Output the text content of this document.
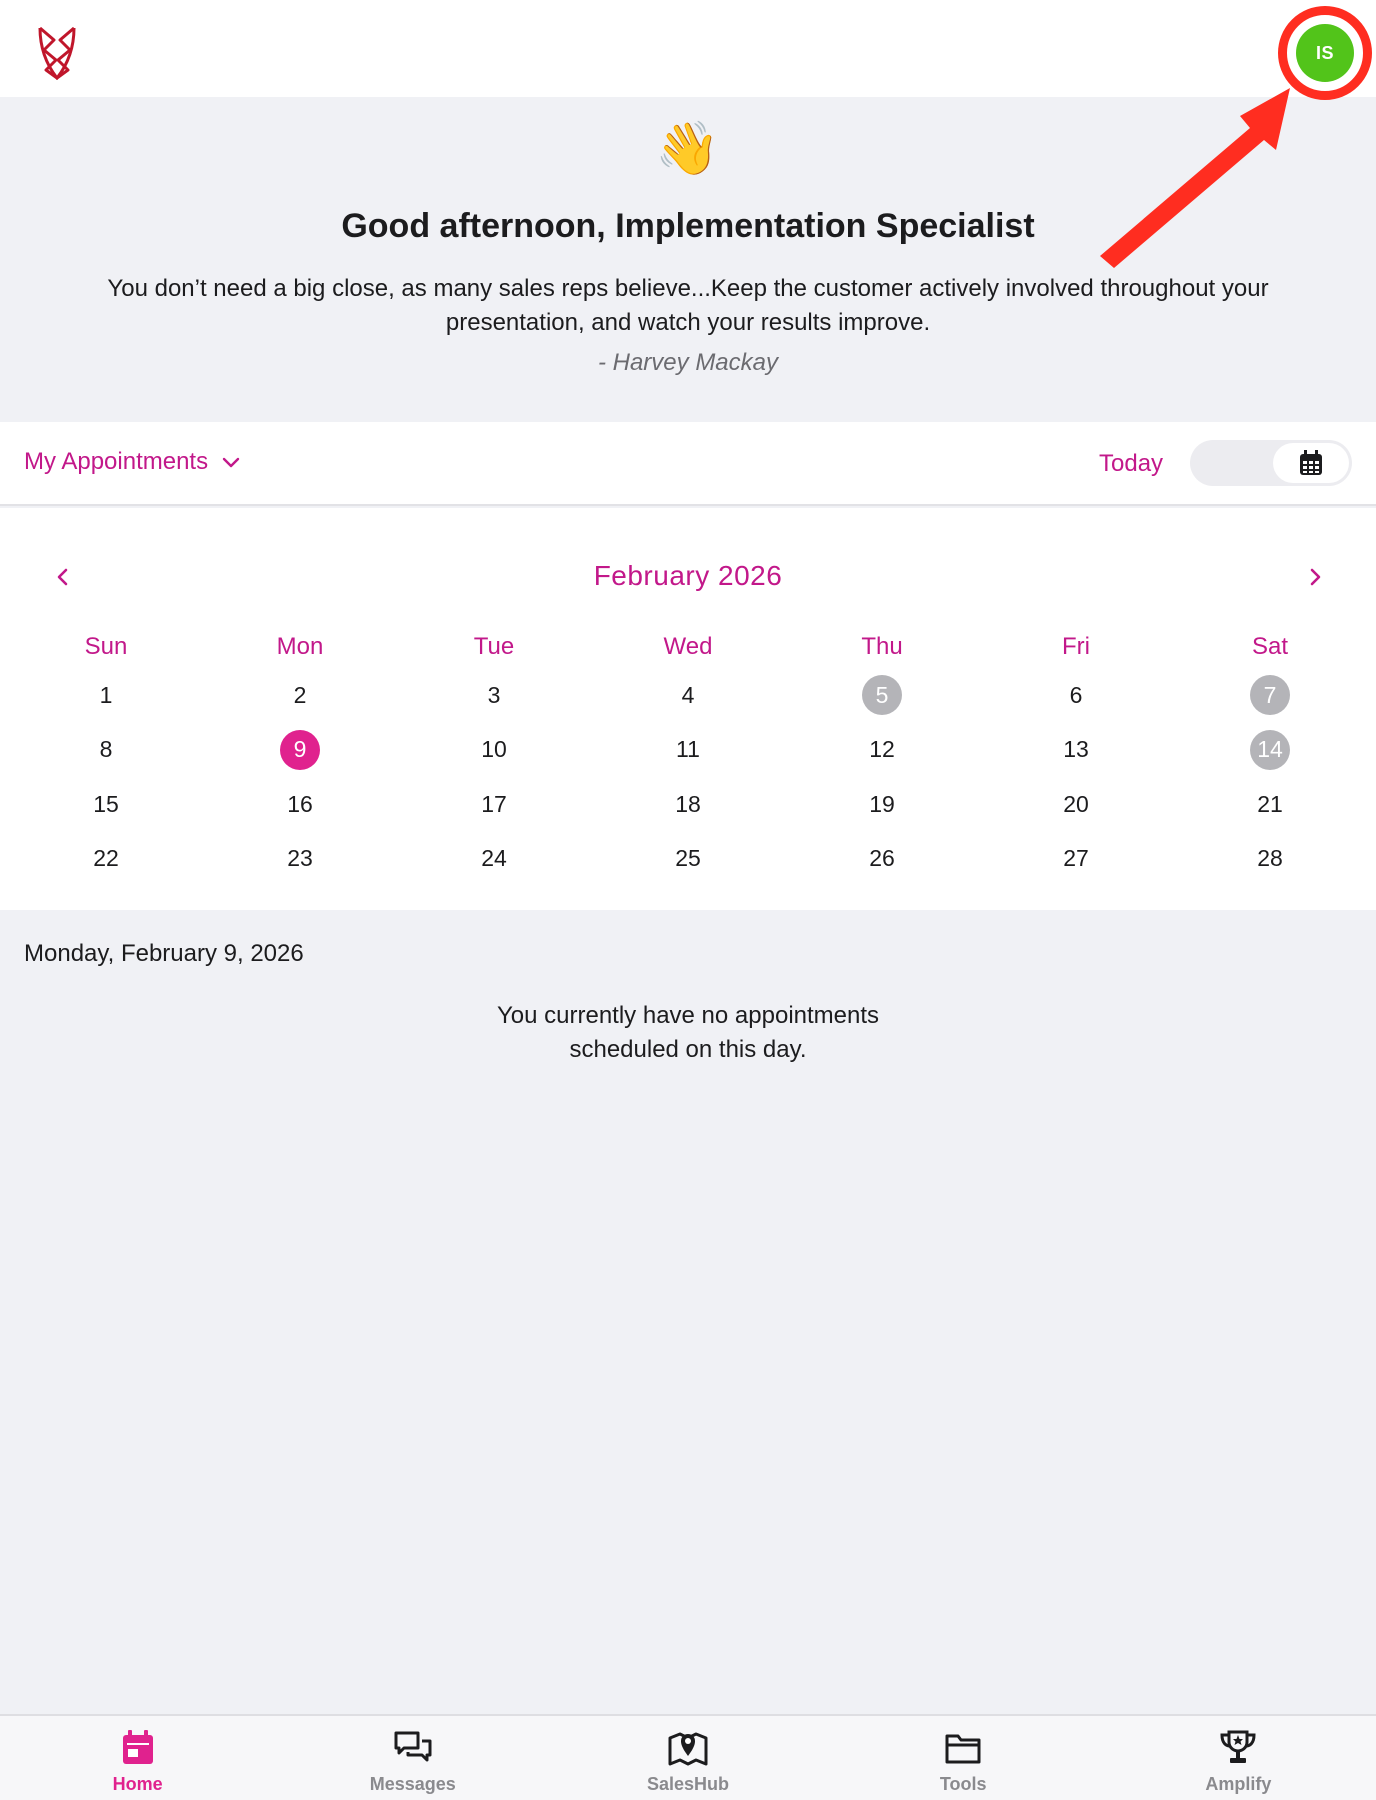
IS
👋
Good afternoon, Implementation Specialist
You don’t need a big close, as many sales reps believe...Keep the customer actively involved throughout your presentation, and watch your results improve.
- Harvey Mackay
My Appointments	Today
February 2026
Sun	Mon	Tue	Wed	Thu	Fri	Sat
1	2	3	4	5	6	7
8	9	10	11	12	13	14
15	16	17	18	19	20	21
22	23	24	25	26	27	28
Monday, February 9, 2026
You currently have no appointments
scheduled on this day.
Home	Messages	SalesHub	Tools	Amplify
